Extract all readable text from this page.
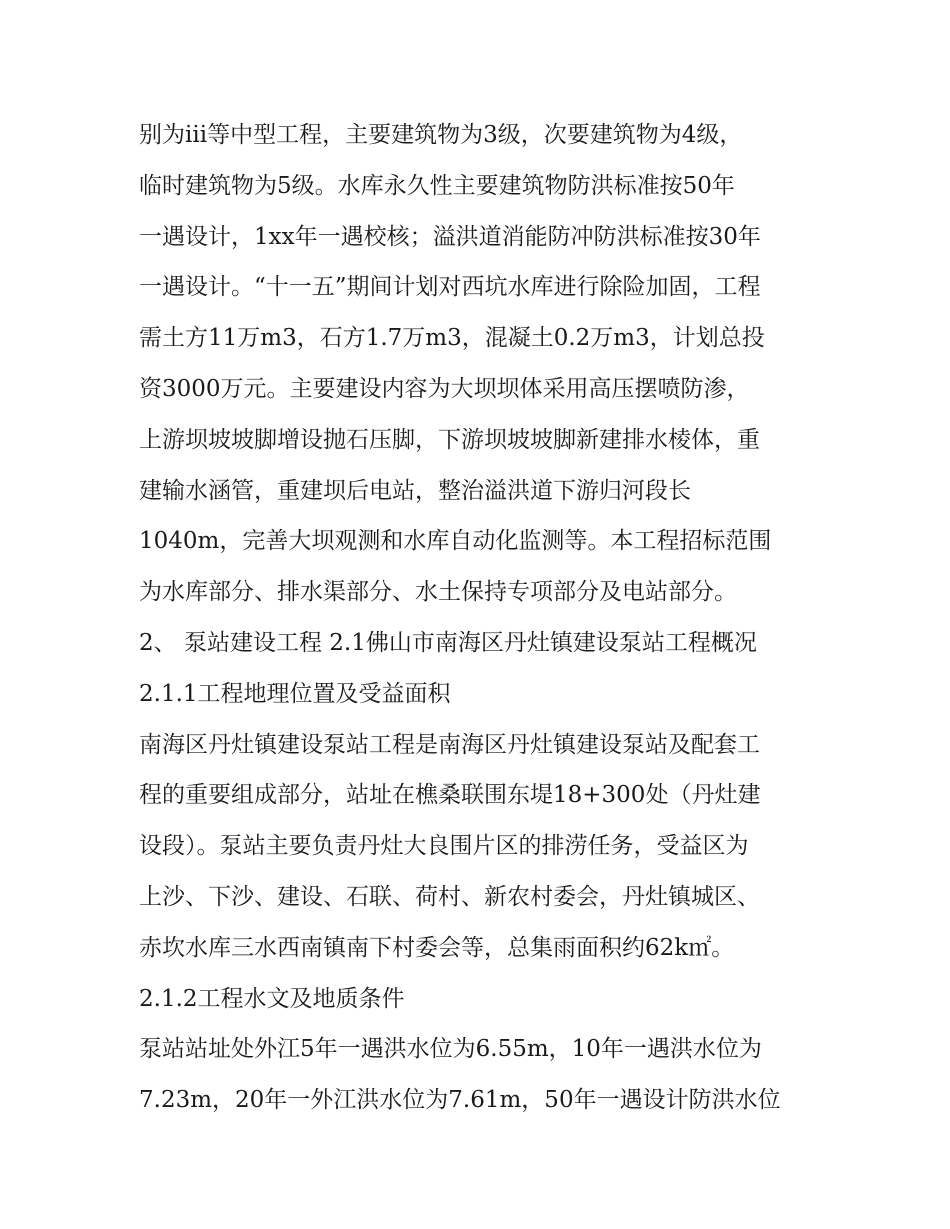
别为iii等中型工程，主要建筑物为3级，次要建筑物为4级，
临时建筑物为5级。水库永久性主要建筑物防洪标准按50年
一遇设计，1xx年一遇校核；溢洪道消能防冲防洪标准按30年
一遇设计。“十一五”期间计划对西坑水库进行除险加固，工程
需土方11万m3，石方1.7万m3，混凝土0.2万m3，计划总投
资3000万元。主要建设内容为大坝坝体采用高压摆喷防渗，
上游坝坡坡脚增设抛石压脚，下游坝坡坡脚新建排水棱体，重
建输水涵管，重建坝后电站，整治溢洪道下游归河段长
1040m，完善大坝观测和水库自动化监测等。本工程招标范围
为水库部分、排水渠部分、水土保持专项部分及电站部分。
2、 泵站建设工程 2.1佛山市南海区丹灶镇建设泵站工程概况
2.1.1工程地理位置及受益面积
南海区丹灶镇建设泵站工程是南海区丹灶镇建设泵站及配套工
程的重要组成部分，站址在樵桑联围东堤18+300处（丹灶建
设段）。泵站主要负责丹灶大良围片区的排涝任务，受益区为
上沙、下沙、建设、石联、荷村、新农村委会，丹灶镇城区、
赤坎水库三水西南镇南下村委会等，总集雨面积约62k㎡。
2.1.2工程水文及地质条件
泵站站址处外江5年一遇洪水位为6.55m，10年一遇洪水位为
7.23m，20年一外江洪水位为7.61m，50年一遇设计防洪水位
